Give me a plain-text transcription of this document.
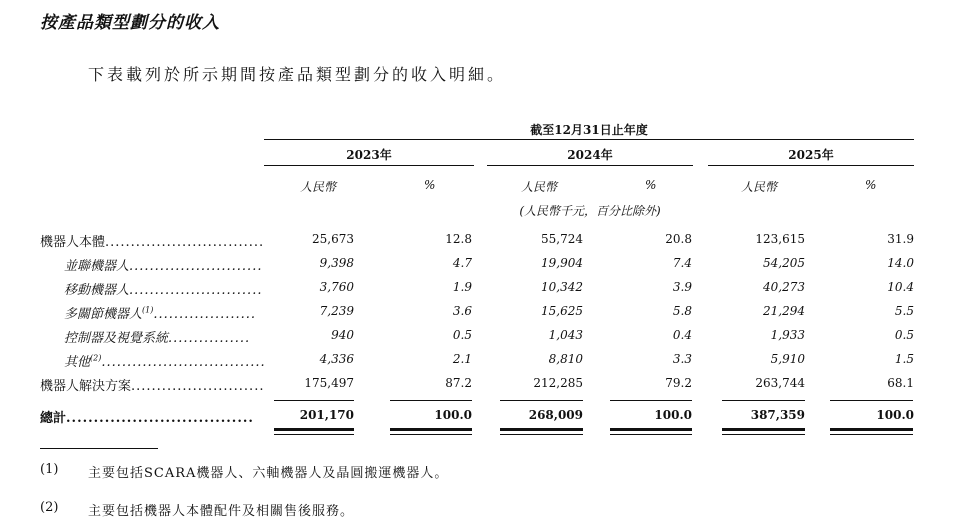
按產品類型劃分的收入
下表載列於所示期間按產品類型劃分的收入明細。
截至12月31日止年度
2023年	2024年	2025年
人民幣	%	人民幣	%	人民幣	%
(人民幣千元，百分比除外)
機器人本體...............................	25,673	12.8	55,724	20.8	123,615	31.9
並聯機器人..........................	9,398	4.7	19,904	7.4	54,205	14.0
移動機器人..........................	3,760	1.9	10,342	3.9	40,273	10.4
多關節機器人$^{(1)}$....................	7,239	3.6	15,625	5.8	21,294	5.5
控制器及視覺系統................	940	0.5	1,043	0.4	1,933	0.5
其他$^{(2)}$................................	4,336	2.1	8,810	3.3	5,910	1.5
機器人解決方案..........................	175,497	87.2	212,285	79.2	263,744	68.1
總計..................................	201,170	100.0	268,009	100.0	387,359	100.0
(1) 主要包括SCARA機器人、六軸機器人及晶圓搬運機器人。
(2) 主要包括機器人本體配件及相關售後服務。
